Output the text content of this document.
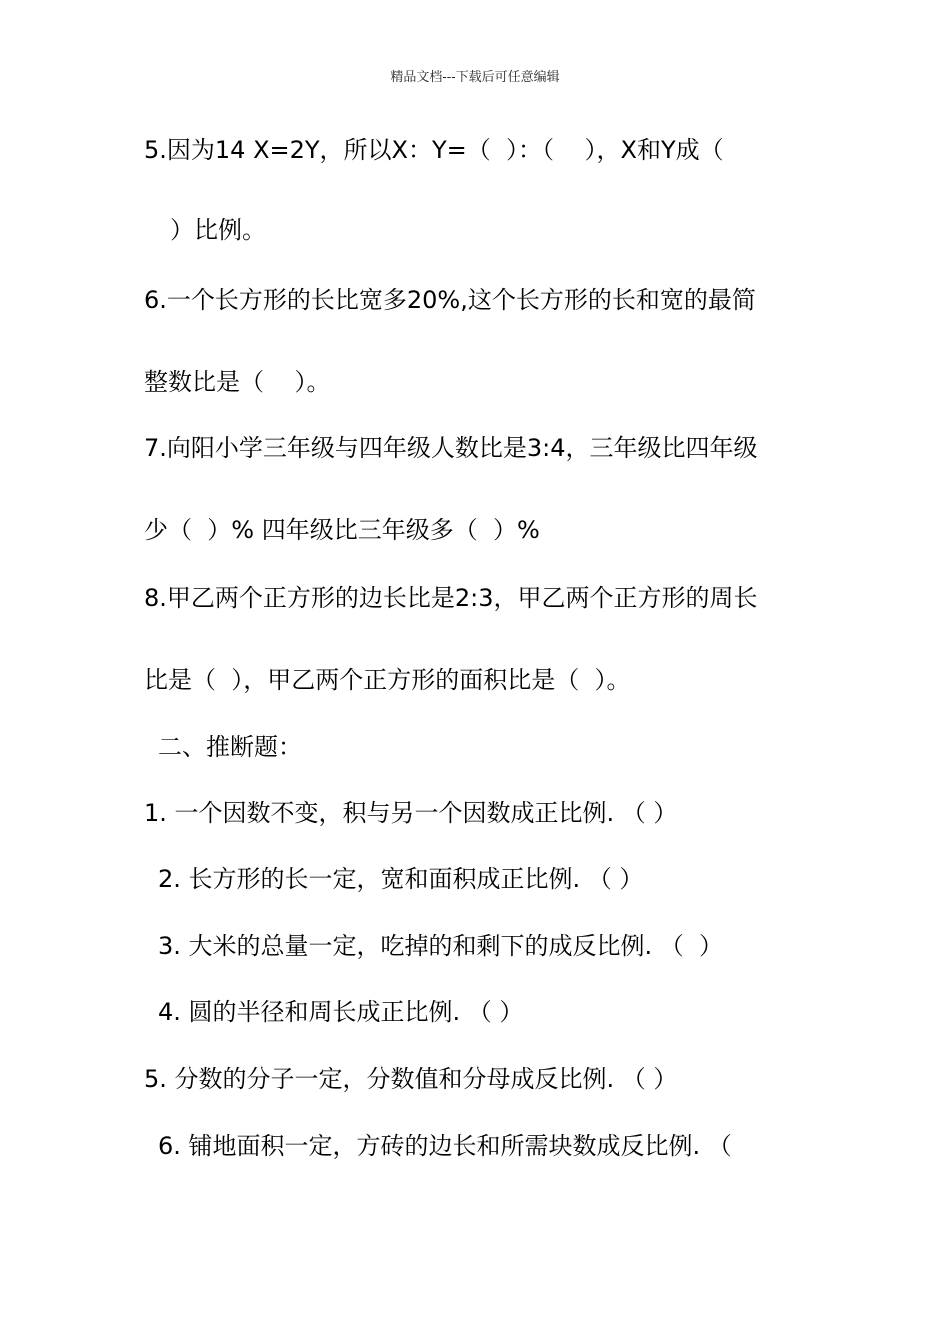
精品文档---下载后可任意编辑
5.因为14 X=2Y，所以X：Y=（  ）：（    ），X和Y成（
）比例。
6.一个长方形的长比宽多20%,这个长方形的长和宽的最简
整数比是（    ）。
7.向阳小学三年级与四年级人数比是3:4，三年级比四年级
少（  ）% 四年级比三年级多（  ）%
8.甲乙两个正方形的边长比是2:3，甲乙两个正方形的周长
比是（  ），甲乙两个正方形的面积比是（  ）。
二、推断题：
1. 一个因数不变，积与另一个因数成正比例. （ ）
2. 长方形的长一定，宽和面积成正比例. （ ）
3. 大米的总量一定，吃掉的和剩下的成反比例. （  ）
4. 圆的半径和周长成正比例. （ ）
5. 分数的分子一定，分数值和分母成反比例. （ ）
6. 铺地面积一定，方砖的边长和所需块数成反比例. （
